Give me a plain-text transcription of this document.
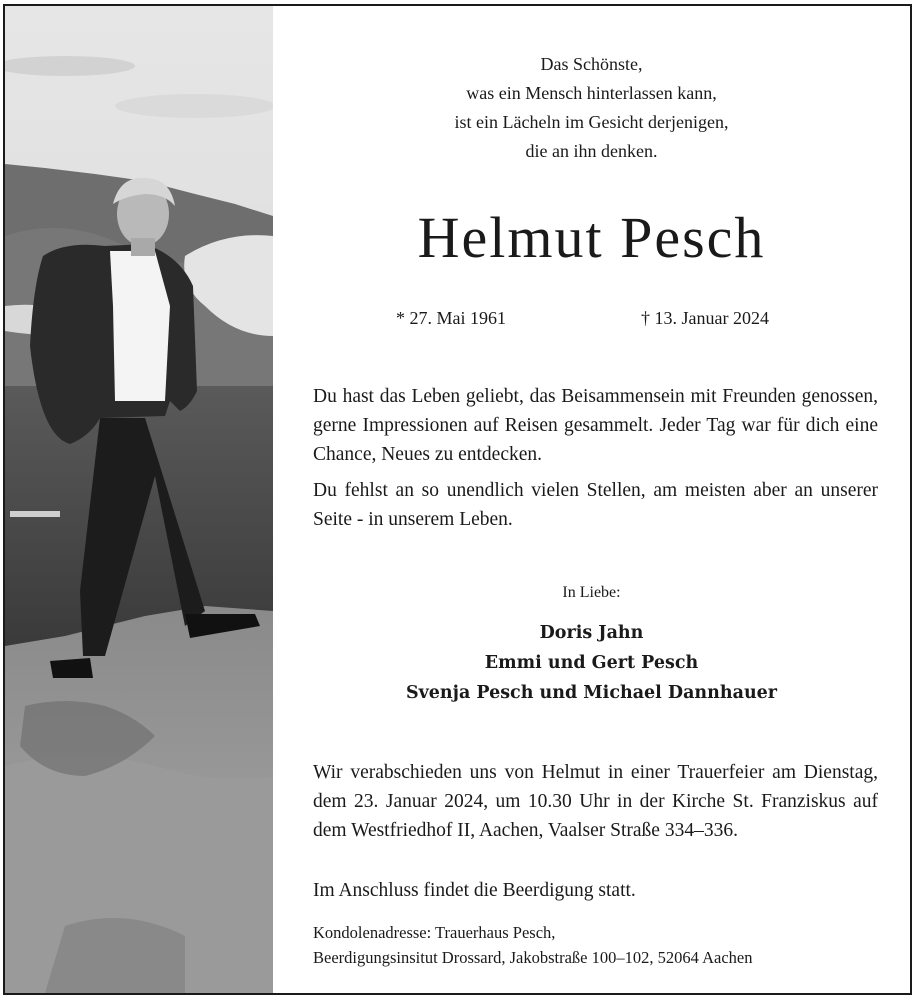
Das Schönste,
was ein Mensch hinterlassen kann,
ist ein Lächeln im Gesicht derjenigen,
die an ihn denken.
Helmut Pesch
* 27. Mai 1961	† 13. Januar 2024
Du hast das Leben geliebt, das Beisammensein mit Freunden genossen, gerne Impressionen auf Reisen gesammelt. Jeder Tag war für dich eine Chance, Neues zu entdecken.
Du fehlst an so unendlich vielen Stellen, am meisten aber an unserer Seite - in unserem Leben.
In Liebe:
Doris Jahn
Emmi und Gert Pesch
Svenja Pesch und Michael Dannhauer
Wir verabschieden uns von Helmut in einer Trauerfeier am Dienstag, dem 23. Januar 2024, um 10.30 Uhr in der Kirche St. Franziskus auf dem Westfriedhof II, Aachen, Vaalser Straße 334–336.
Im Anschluss findet die Beerdigung statt.
Kondolenadresse: Trauerhaus Pesch,
Beerdigungsinsitut Drossard, Jakobstraße 100–102, 52064 Aachen
